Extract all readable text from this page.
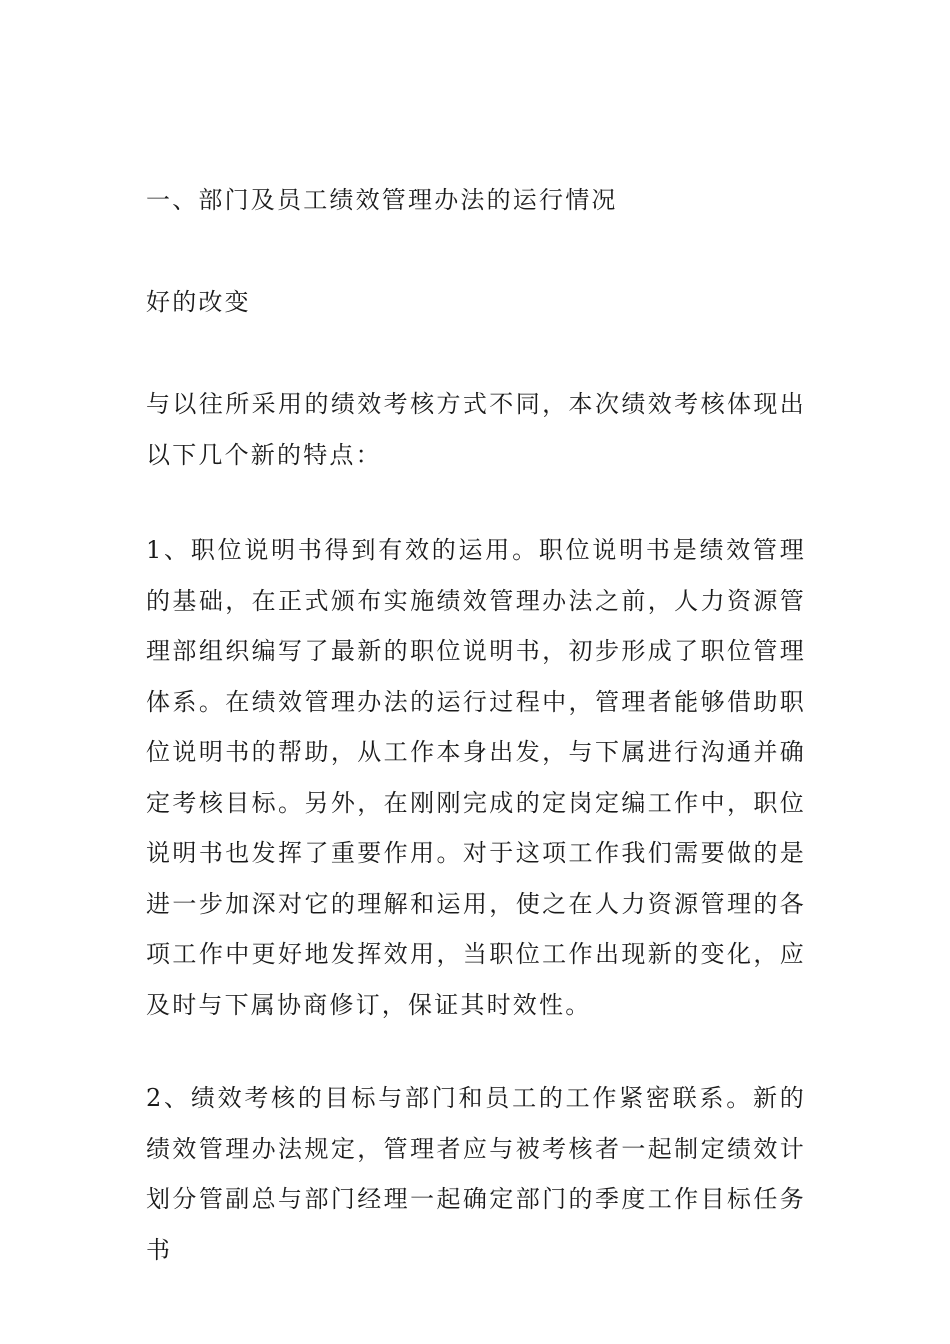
一、部门及员工绩效管理办法的运行情况
好的改变
与以往所采用的绩效考核方式不同，本次绩效考核体现出以下几个新的特点：
1、职位说明书得到有效的运用。职位说明书是绩效管理的基础，在正式颁布实施绩效管理办法之前，人力资源管理部组织编写了最新的职位说明书，初步形成了职位管理体系。在绩效管理办法的运行过程中，管理者能够借助职位说明书的帮助，从工作本身出发，与下属进行沟通并确定考核目标。另外，在刚刚完成的定岗定编工作中，职位说明书也发挥了重要作用。对于这项工作我们需要做的是进一步加深对它的理解和运用，使之在人力资源管理的各项工作中更好地发挥效用，当职位工作出现新的变化，应及时与下属协商修订，保证其时效性。
2、绩效考核的目标与部门和员工的工作紧密联系。新的绩效管理办法规定，管理者应与被考核者一起制定绩效计划分管副总与部门经理一起确定部门的季度工作目标任务书
